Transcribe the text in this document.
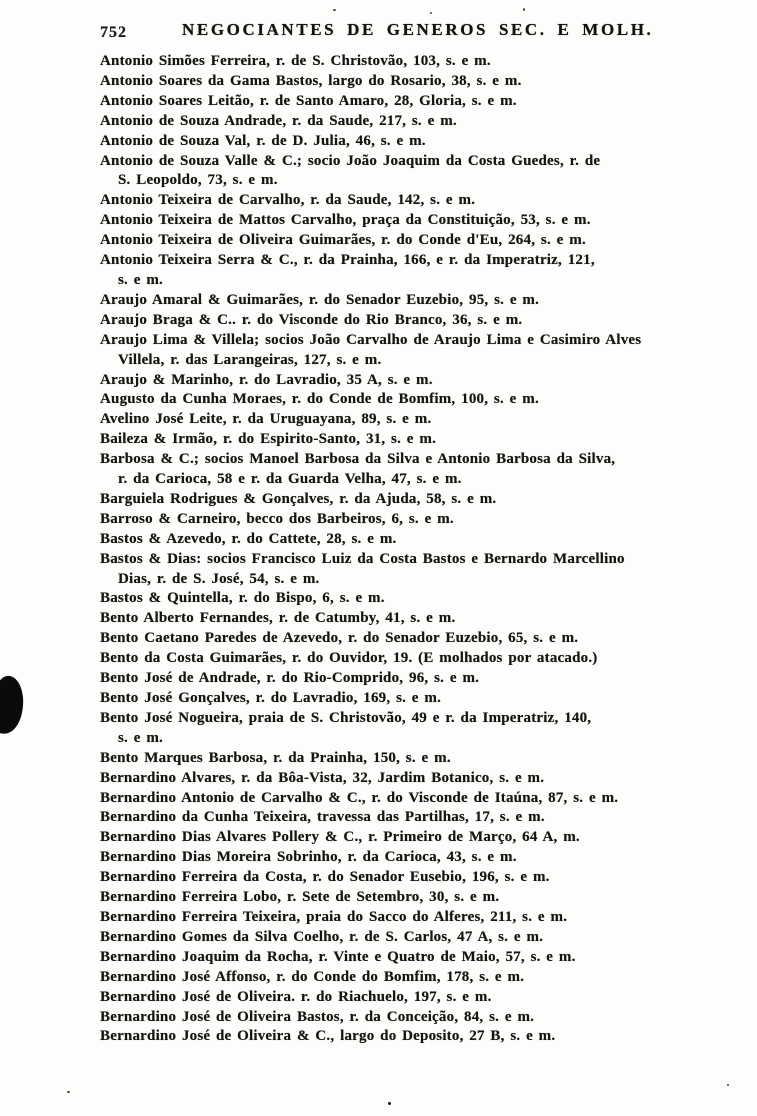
752	NEGOCIANTES DE GENEROS SEC. E MOLH.
Antonio Simões Ferreira, r. de S. Christovão, 103, s. e m.
Antonio Soares da Gama Bastos, largo do Rosario, 38, s. e m.
Antonio Soares Leitão, r. de Santo Amaro, 28, Gloria, s. e m.
Antonio de Souza Andrade, r. da Saude, 217, s. e m.
Antonio de Souza Val, r. de D. Julia, 46, s. e m.
Antonio de Souza Valle & C.; socio João Joaquim da Costa Guedes, r. de
S. Leopoldo, 73, s. e m.
Antonio Teixeira de Carvalho, r. da Saude, 142, s. e m.
Antonio Teixeira de Mattos Carvalho, praça da Constituição, 53, s. e m.
Antonio Teixeira de Oliveira Guimarães, r. do Conde d'Eu, 264, s. e m.
Antonio Teixeira Serra & C., r. da Prainha, 166, e r. da Imperatriz, 121,
s. e m.
Araujo Amaral & Guimarães, r. do Senador Euzebio, 95, s. e m.
Araujo Braga & C.. r. do Visconde do Rio Branco, 36, s. e m.
Araujo Lima & Villela; socios João Carvalho de Araujo Lima e Casimiro Alves
Villela, r. das Larangeiras, 127, s. e m.
Araujo & Marinho, r. do Lavradio, 35 A, s. e m.
Augusto da Cunha Moraes, r. do Conde de Bomfim, 100, s. e m.
Avelino José Leite, r. da Uruguayana, 89, s. e m.
Baileza & Irmão, r. do Espirito-Santo, 31, s. e m.
Barbosa & C.; socios Manoel Barbosa da Silva e Antonio Barbosa da Silva,
r. da Carioca, 58 e r. da Guarda Velha, 47, s. e m.
Barguiela Rodrigues & Gonçalves, r. da Ajuda, 58, s. e m.
Barroso & Carneiro, becco dos Barbeiros, 6, s. e m.
Bastos & Azevedo, r. do Cattete, 28, s. e m.
Bastos & Dias: socios Francisco Luiz da Costa Bastos e Bernardo Marcellino
Dias, r. de S. José, 54, s. e m.
Bastos & Quintella, r. do Bispo, 6, s. e m.
Bento Alberto Fernandes, r. de Catumby, 41, s. e m.
Bento Caetano Paredes de Azevedo, r. do Senador Euzebio, 65, s. e m.
Bento da Costa Guimarães, r. do Ouvidor, 19. (E molhados por atacado.)
Bento José de Andrade, r. do Rio-Comprido, 96, s. e m.
Bento José Gonçalves, r. do Lavradio, 169, s. e m.
Bento José Nogueira, praia de S. Christovão, 49 e r. da Imperatriz, 140,
s. e m.
Bento Marques Barbosa, r. da Prainha, 150, s. e m.
Bernardino Alvares, r. da Bôa-Vista, 32, Jardim Botanico, s. e m.
Bernardino Antonio de Carvalho & C., r. do Visconde de Itaúna, 87, s. e m.
Bernardino da Cunha Teixeira, travessa das Partilhas, 17, s. e m.
Bernardino Dias Alvares Pollery & C., r. Primeiro de Março, 64 A, m.
Bernardino Dias Moreira Sobrinho, r. da Carioca, 43, s. e m.
Bernardino Ferreira da Costa, r. do Senador Eusebio, 196, s. e m.
Bernardino Ferreira Lobo, r. Sete de Setembro, 30, s. e m.
Bernardino Ferreira Teixeira, praia do Sacco do Alferes, 211, s. e m.
Bernardino Gomes da Silva Coelho, r. de S. Carlos, 47 A, s. e m.
Bernardino Joaquim da Rocha, r. Vinte e Quatro de Maio, 57, s. e m.
Bernardino José Affonso, r. do Conde do Bomfim, 178, s. e m.
Bernardino José de Oliveira. r. do Riachuelo, 197, s. e m.
Bernardino José de Oliveira Bastos, r. da Conceição, 84, s. e m.
Bernardino José de Oliveira & C., largo do Deposito, 27 B, s. e m.
